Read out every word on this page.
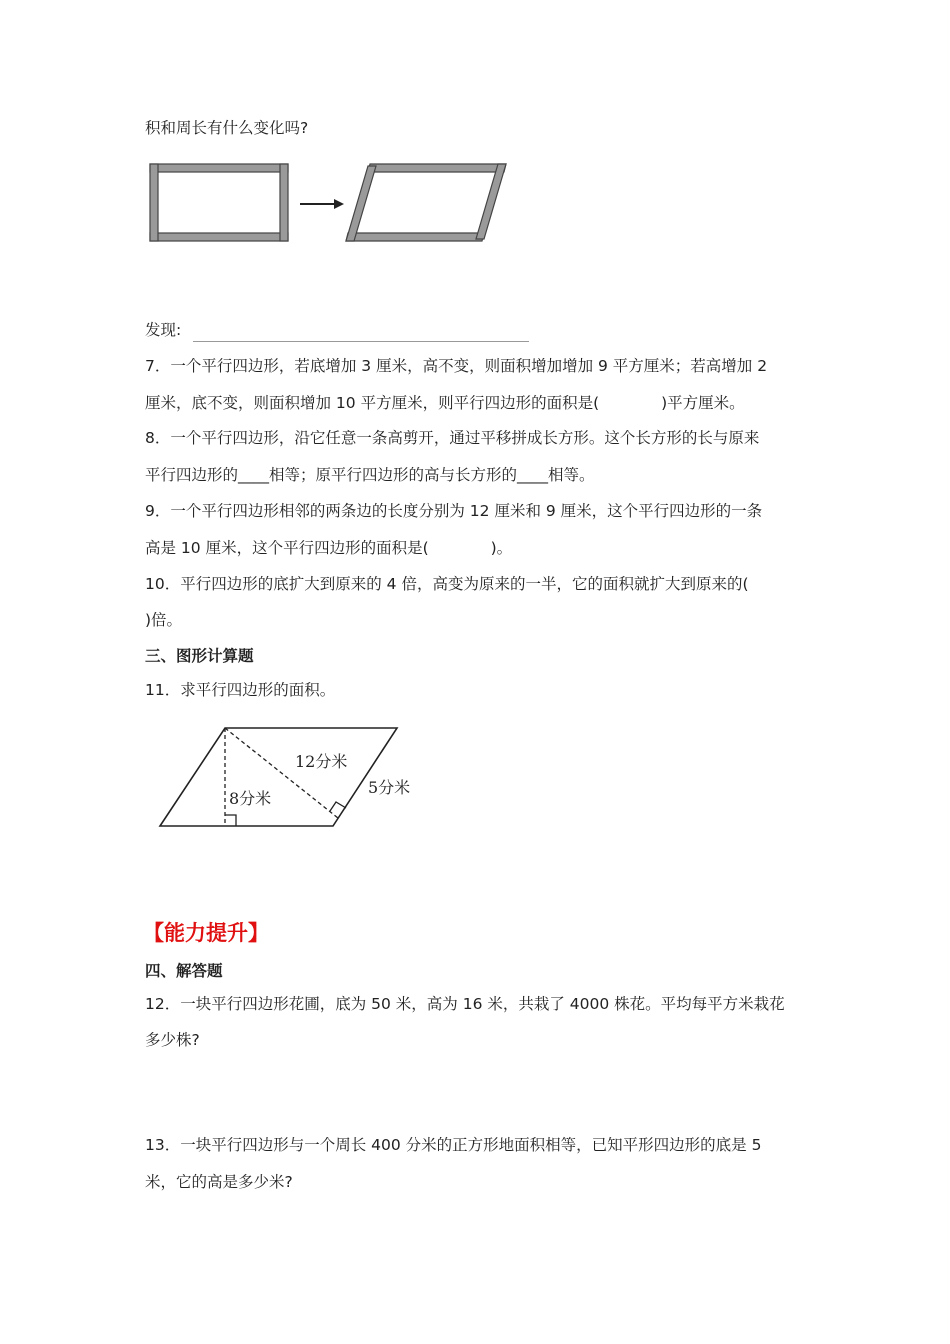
积和周长有什么变化吗?
发现:
7．一个平行四边形，若底增加 3 厘米，高不变，则面积增加增加 9 平方厘米；若高增加 2
厘米，底不变，则面积增加 10 平方厘米，则平行四边形的面积是(　　　　)平方厘米。
8．一个平行四边形，沿它任意一条高剪开，通过平移拼成长方形。这个长方形的长与原来
平行四边形的____相等；原平行四边形的高与长方形的____相等。
9．一个平行四边形相邻的两条边的长度分别为 12 厘米和 9 厘米，这个平行四边形的一条
高是 10 厘米，这个平行四边形的面积是(　　　　)。
10．平行四边形的底扩大到原来的 4 倍，高变为原来的一半，它的面积就扩大到原来的(
)倍。
三、图形计算题
11．求平行四边形的面积。
12分米
5分米
8分米
【能力提升】
四、解答题
12．一块平行四边形花圃，底为 50 米，高为 16 米，共栽了 4000 株花。平均每平方米栽花
多少株?
13．一块平行四边形与一个周长 400 分米的正方形地面积相等，已知平形四边形的底是 5
米，它的高是多少米?
